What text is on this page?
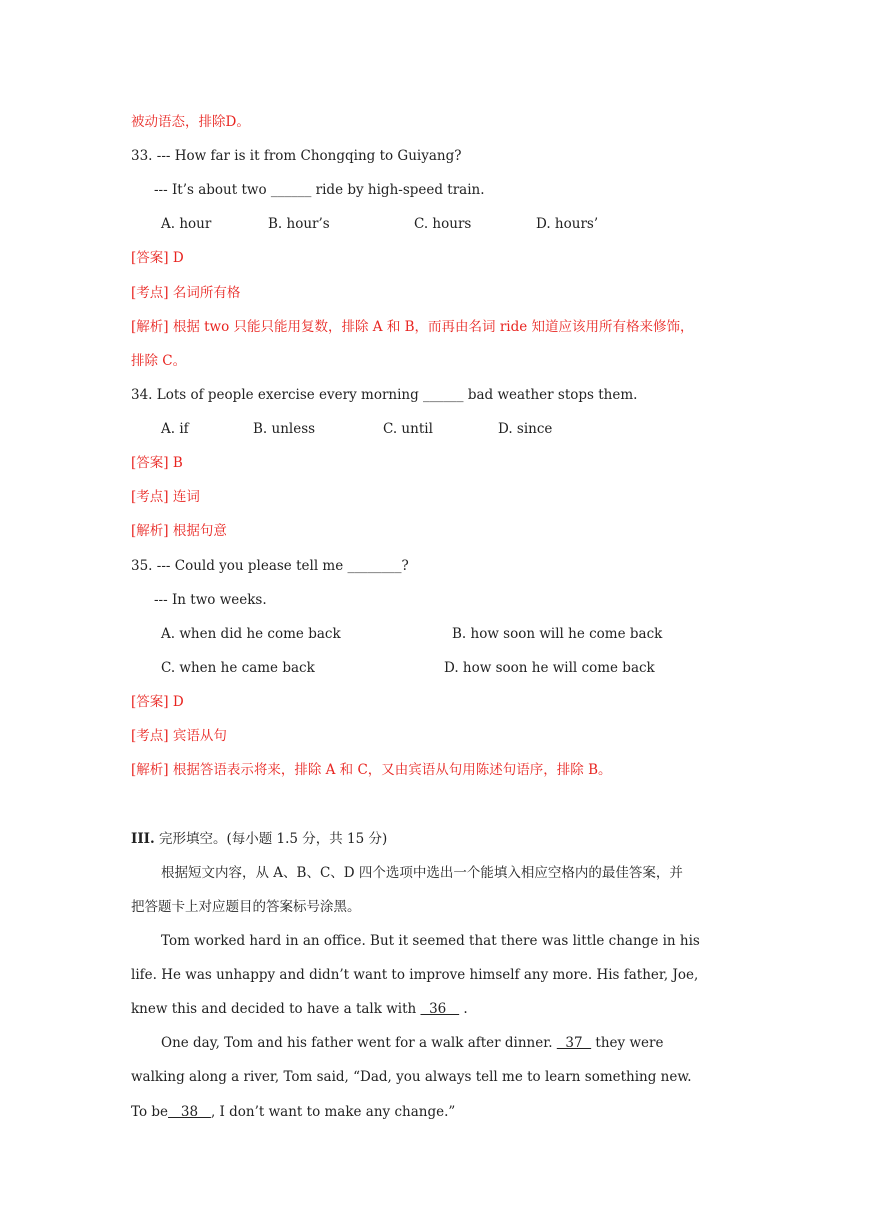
被动语态，排除D。
33. --- How far is it from Chongqing to Guiyang?
--- It’s about two ______ ride by high-speed train.

A. hour

	B. hour’s

	C. hours

	D. hours’

[答案] D
[考点] 名词所有格
[解析] 根据 two 只能只能用复数，排除 A 和 B，而再由名词 ride 知道应该用所有格来修饰，
排除 C。
34. Lots of people exercise every morning ______ bad weather stops them.

A. if

	B. unless

	C. until

	D. since

[答案] B
[考点] 连词
[解析] 根据句意
35. --- Could you please tell me ________?
--- In two weeks.

A. when did he come back

	B. how soon will he come back

C. when he came back

	D. how soon he will come back

[答案] D
[考点] 宾语从句
[解析] 根据答语表示将来，排除 A 和 C，又由宾语从句用陈述句语序，排除 B。
III. 完形填空。(每小题 1.5 分，共 15 分)
根据短文内容，从 A、B、C、D 四个选项中选出一个能填入相应空格内的最佳答案，并
把答题卡上对应题目的答案标号涂黑。
Tom worked hard in an office. But it seemed that there was little change in his
life. He was unhappy and didn’t want to improve himself any more. His father, Joe,
knew this and decided to have a talk with   36    .
One day, Tom and his father went for a walk after dinner.   37   they were
walking along a river, Tom said, “Dad, you always tell me to learn something new.
To be   38   , I don’t want to make any change.”
